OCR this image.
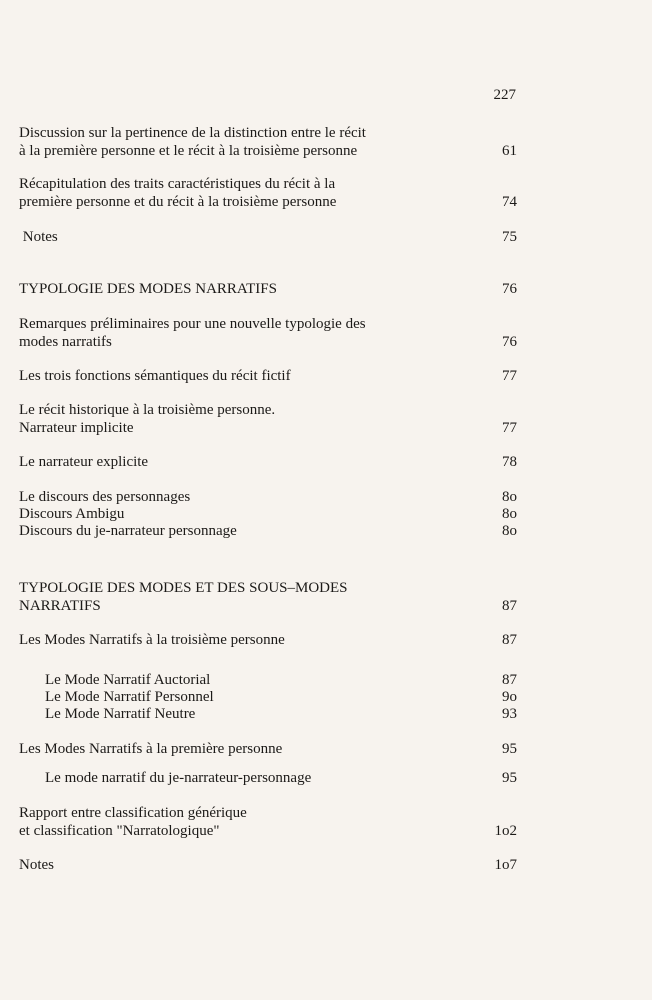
227
Discussion sur la pertinence de la distinction entre le récit
à la première personne et le récit à la troisième personne	61
Récapitulation des traits caractéristiques du récit à la
première personne et du récit à la troisième personne	74
Notes	75
TYPOLOGIE DES MODES NARRATIFS	76
Remarques préliminaires pour une nouvelle typologie des
modes narratifs	76
Les trois fonctions sémantiques du récit fictif	77
Le récit historique à la troisième personne.
Narrateur implicite	77
Le narrateur explicite	78
Le discours des personnages	8o
Discours Ambigu	8o
Discours du je-narrateur personnage	8o
TYPOLOGIE DES MODES ET DES SOUS–MODES
NARRATIFS	87
Les Modes Narratifs à la troisième personne	87
Le Mode Narratif Auctorial	87
Le Mode Narratif Personnel	9o
Le Mode Narratif Neutre	93
Les Modes Narratifs à la première personne	95
Le mode narratif du je-narrateur-personnage	95
Rapport entre classification générique
et classification "Narratologique"	1o2
Notes	1o7
